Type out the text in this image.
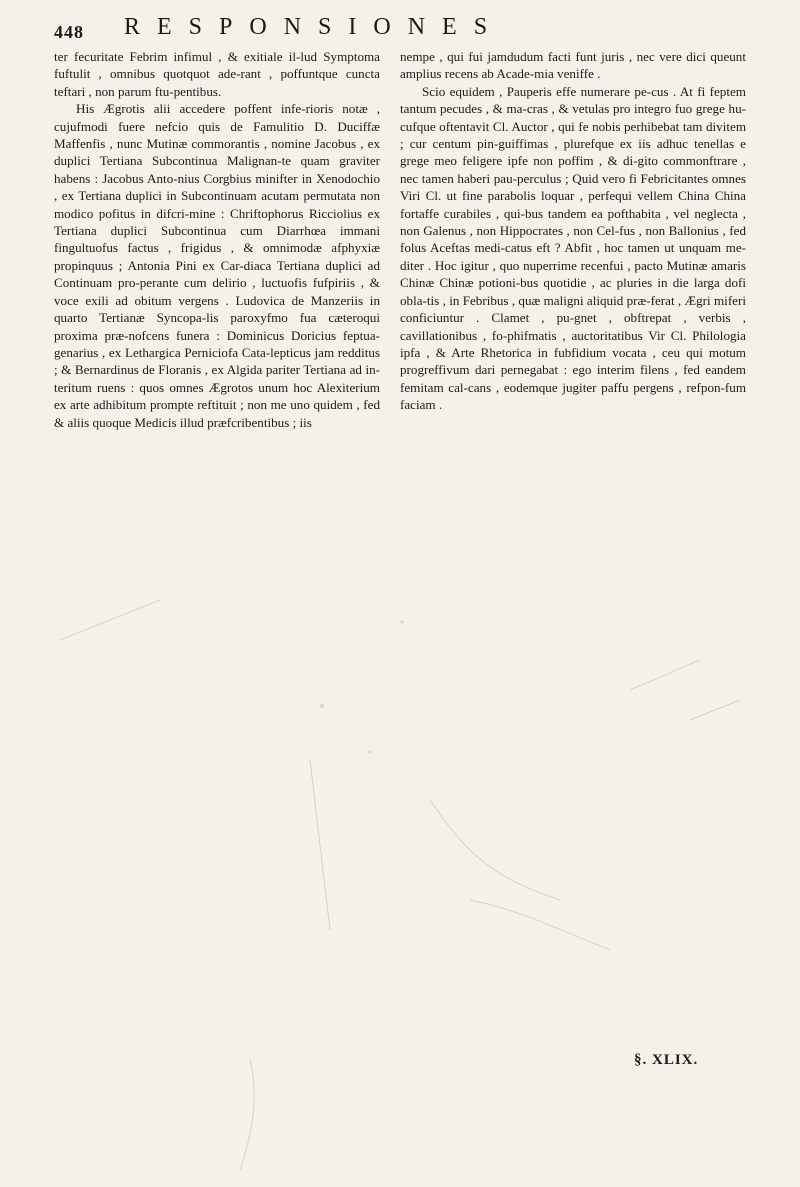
448 RESPONSIONES

ter fecuritate Febrim infimul , & exitiale il-lud Symptoma fuftulit , omnibus quotquot ade-rant , poffuntque cuncta teftari , non parum ftu-pentibus.

His Ægrotis alii accedere poffent infe-rioris notæ , cujufmodi fuere nefcio quis de Famulitio D. Duciffæ Maffenfis , nunc Mutinæ commorantis , nomine Jacobus , ex duplici Tertiana Subcontinua Malignan-te quam graviter habens : Jacobus Anto-nius Corgbius minifter in Xenodochio , ex Tertiana duplici in Subcontinuam acutam permutata non modico pofitus in difcri-mine : Chriftophorus Ricciolius ex Tertiana duplici Subcontinua cum Diarrhœa immani fingultuofus factus , frigidus , & omnimodæ afphyxiæ propinquus ; Antonia Pini ex Car-diaca Tertiana duplici ad Continuam pro-perante cum delirio , luctuofis fufpiriis , & voce exili ad obitum vergens . Ludovica de Manzeriis in quarto Tertianæ Syncopa-lis paroxyfmo fua cæteroqui proxima præ-nofcens funera : Dominicus Doricius feptua-genarius , ex Lethargica Perniciofa Cata-lepticus jam redditus ; & Bernardinus de Floranis , ex Algida pariter Tertiana ad in-teritum ruens : quos omnes Ægrotos unum hoc Alexiterium ex arte adhibitum prompte reftituit ; non me uno quidem , fed & aliis quoque Medicis illud præfcribentibus ; iis

nempe , qui fui jamdudum facti funt juris , nec vere dici queunt amplius recens ab Acade-mia veniffe .

Scio equidem , Pauperis effe numerare pe-cus . At fi feptem tantum pecudes , & ma-cras , & vetulas pro integro fuo grege hu-cufque oftentavit Cl. Auctor , qui fe nobis perhibebat tam divitem ; cur centum pin-guiffimas , plurefque ex iis adhuc tenellas e grege meo feligere ipfe non poffim , & di-gito commonftrare , nec tamen haberi pau-perculus ; Quid vero fi Febricitantes omnes Viri Cl. ut fine parabolis loquar , perfequi vellem China China fortaffe curabiles , qui-bus tandem ea pofthabita , vel neglecta , non Galenus , non Hippocrates , non Cel-fus , non Ballonius , fed folus Aceftas medi-catus eft ? Abfit , hoc tamen ut unquam me-diter . Hoc igitur , quo nuperrime recenfui , pacto Mutinæ amaris Chinæ Chinæ potioni-bus quotidie , ac pluries in die larga dofi obla-tis , in Febribus , quæ maligni aliquid præ-ferat , Ægri miferi conficiuntur . Clamet , pu-gnet , obftrepat , verbis , cavillationibus , fo-phifmatis , auctoritatibus Vir Cl. Philologia ipfa , & Arte Rhetorica in fubfidium vocata , ceu qui motum progreffivum dari pernegabat : ego interim filens , fed eandem femitam cal-cans , eodemque jugiter paffu pergens , refpon-fum faciam .

§. XLIX.
